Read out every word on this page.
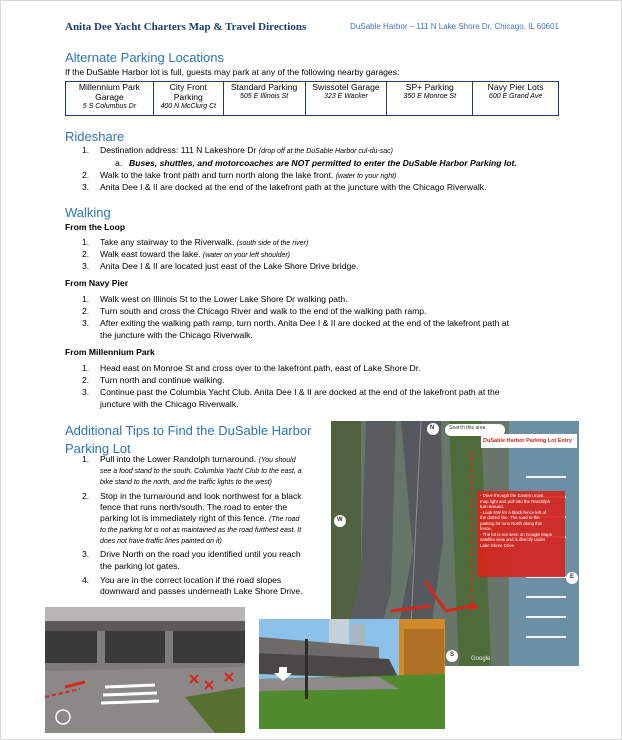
Anita Dee Yacht Charters Map & Travel Directions	DuSable Harbor – 111 N Lake Shore Dr, Chicago, IL 60601
Alternate Parking Locations
If the DuSable Harbor lot is full, guests may park at any of the following nearby garages:
Millennium Park Garage
5 S Columbus Dr
	City Front Parking
400 N McClurg Ct
	Standard Parking
505 E Illinois St
	Swissotel Garage
323 E Wacker
	SP+ Parking
350 E Monroe St
	Navy Pier Lots
600 E Grand Ave
Rideshare
1. Destination address: 111 N Lakeshore Dr (drop off at the DuSable Harbor cul-du-sac)
a. Buses, shuttles, and motorcoaches are NOT permitted to enter the DuSable Harbor Parking lot.
2. Walk to the lake front path and turn north along the lake front. (water to your right)
3. Anita Dee I & II are docked at the end of the lakefront path at the juncture with the Chicago Riverwalk.
Walking
From the Loop
1. Take any stairway to the Riverwalk. (south side of the river)
2. Walk east toward the lake. (water on your left shoulder)
3. Anita Dee I & II are located just east of the Lake Shore Drive bridge.
From Navy Pier
1. Walk west on Illinois St to the Lower Lake Shore Dr walking path.
2. Turn south and cross the Chicago River and walk to the end of the walking path ramp.
3. After exiting the walking path ramp, turn north. Anita Dee I & II are docked at the end of the lakefront path at
the juncture with the Chicago Riverwalk.
From Millennium Park
1. Head east on Monroe St and cross over to the lakefront path, east of Lake Shore Dr.
2. Turn north and continue walking.
3. Continue past the Columbia Yacht Club. Anita Dee I & II are docked at the end of the lakefront path at the
juncture with the Chicago Riverwalk.
Additional Tips to Find the DuSable Harbor
Parking Lot
1. Pull into the Lower Randolph turnaround. (You should
see a food stand to the south, Columbia Yacht Club to the east, a
bike stand to the north, and the traffic lights to the west)
2. Stop in the turnaround and look northwest for a black
fence that runs north/south. The road to enter the
parking lot is immediately right of this fence. (The road
to the parking lot is not as maintained as the road furthest east. It
does not have traffic lines painted on it)
3. Drive North on the road you identified until you reach
the parking lot gates.
4. You are in the correct location if the road slopes
downward and passes underneath Lake Shore Drive.
Search this area
DuSable Harbor Parking Lot Entry
- Drive through the Eastern most
map light and pull into the Randolph
turn-around.
- Look NW for a black fence left of
the dotted line. The road to the
parking lot runs North along this
fence.
- The lot is not seen on Google Maps
satellite view and is directly under
Lake Shore Drive.
N
W
E
S
Google
